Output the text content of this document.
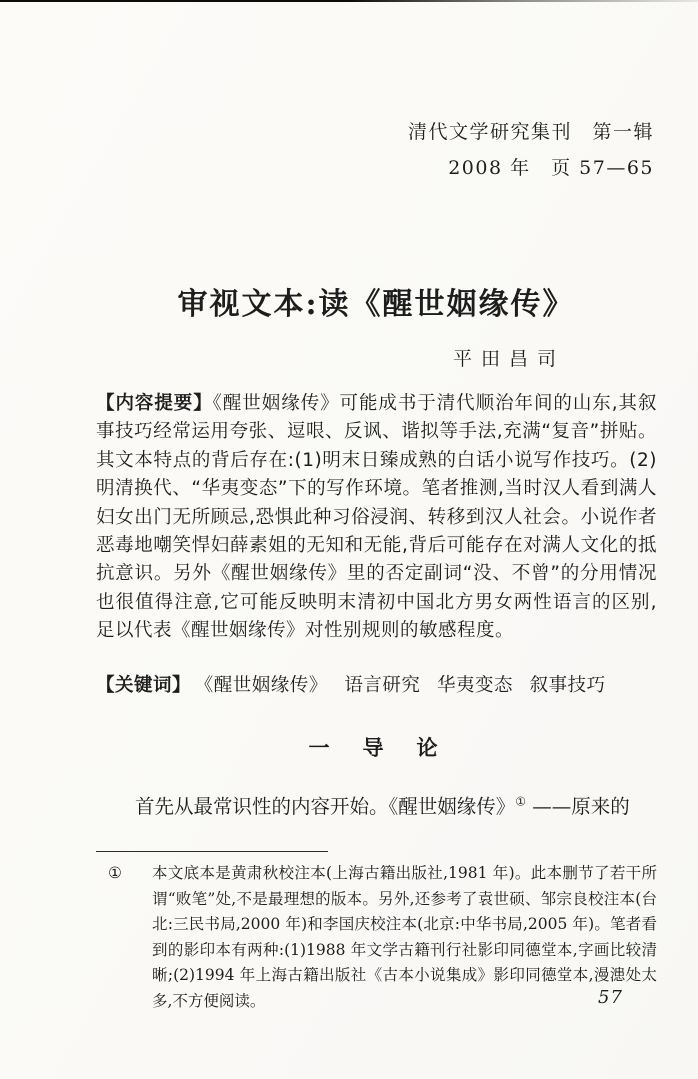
清代文学研究集刊　第一辑
2008 年　页 57—65
审视文本:读《醒世姻缘传》
平田昌司
【内容提要】《醒世姻缘传》可能成书于清代顺治年间的山东,其叙事技巧经常运用夸张、逗哏、反讽、谐拟等手法,充满“复音”拼贴。其文本特点的背后存在:(1)明末日臻成熟的白话小说写作技巧。(2)明清换代、“华夷变态”下的写作环境。笔者推测,当时汉人看到满人妇女出门无所顾忌,恐惧此种习俗浸润、转移到汉人社会。小说作者恶毒地嘲笑悍妇薛素姐的无知和无能,背后可能存在对满人文化的抵抗意识。另外《醒世姻缘传》里的否定副词“没、不曾”的分用情况也很值得注意,它可能反映明末清初中国北方男女两性语言的区别,足以代表《醒世姻缘传》对性别规则的敏感程度。
【关键词】 《醒世姻缘传》 语言研究 华夷变态 叙事技巧
一　导　论
首先从最常识性的内容开始。《醒世姻缘传》① ——原来的
① 本文底本是黄肃秋校注本(上海古籍出版社,1981 年)。此本删节了若干所谓“败笔”处,不是最理想的版本。另外,还参考了袁世硕、邹宗良校注本(台北:三民书局,2000 年)和李国庆校注本(北京:中华书局,2005 年)。笔者看到的影印本有两种:(1)1988 年文学古籍刊行社影印同德堂本,字画比较清晰;(2)1994 年上海古籍出版社《古本小说集成》影印同德堂本,漫漶处太多,不方便阅读。	57
